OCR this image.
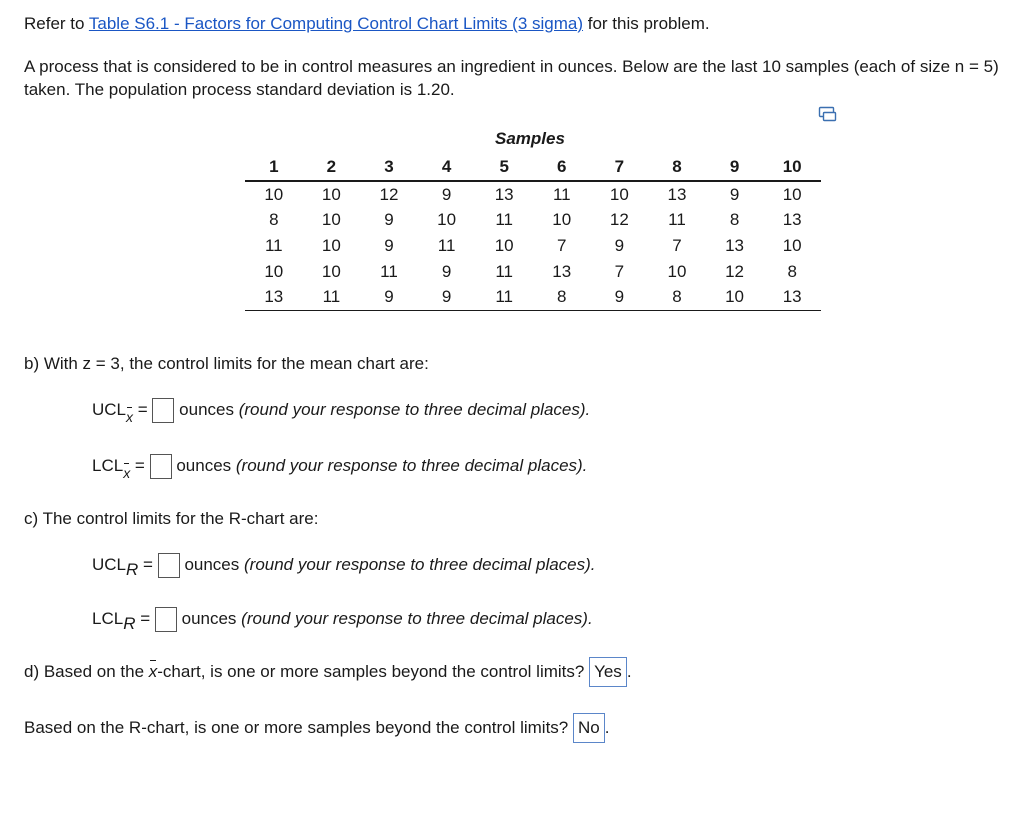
Refer to Table S6.1 - Factors for Computing Control Chart Limits (3 sigma) for this problem.
A process that is considered to be in control measures an ingredient in ounces. Below are the last 10 samples (each of size n = 5) taken. The population process standard deviation is 1.20.
Samples
1	2	3	4	5	6	7	8	9	10
10	10	12	9	13	11	10	13	9	10
8	10	9	10	11	10	12	11	8	13
11	10	9	11	10	7	9	7	13	10
10	10	11	9	11	13	7	10	12	8
13	11	9	9	11	8	9	8	10	13
b) With z = 3, the control limits for the mean chart are:
$UCL_x$ = ounces (round your response to three decimal places).
$LCL_x$ = ounces (round your response to three decimal places).
c) The control limits for the R-chart are:
UCLR = ounces (round your response to three decimal places).
LCLR = ounces (round your response to three decimal places).
d) Based on the x-chart, is one or more samples beyond the control limits? Yes .
Based on the R-chart, is one or more samples beyond the control limits? No .
